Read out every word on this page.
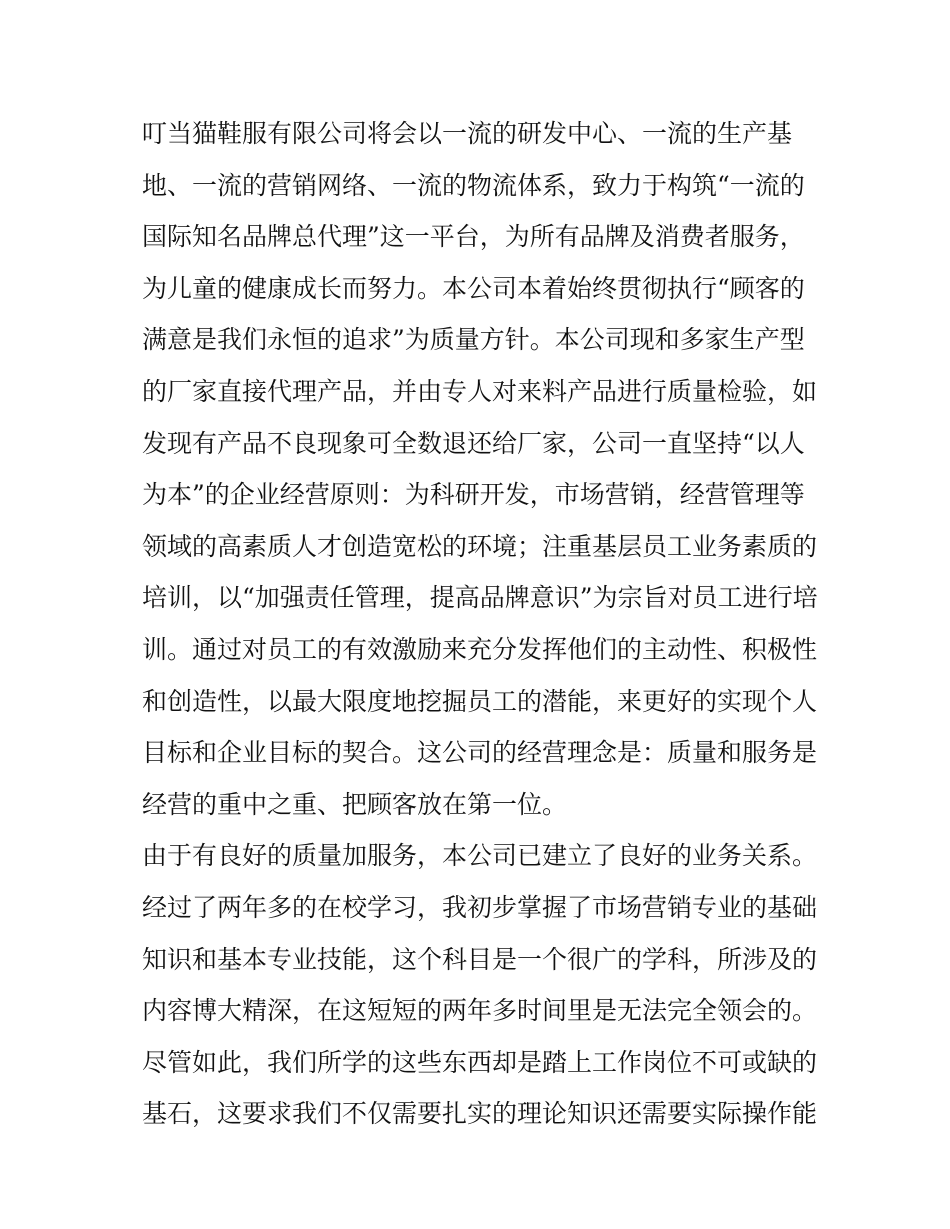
叮当猫鞋服有限公司将会以一流的研发中心、一流的生产基
地、一流的营销网络、一流的物流体系，致力于构筑“一流的
国际知名品牌总代理”这一平台，为所有品牌及消费者服务，
为儿童的健康成长而努力。本公司本着始终贯彻执行“顾客的
满意是我们永恒的追求”为质量方针。本公司现和多家生产型
的厂家直接代理产品，并由专人对来料产品进行质量检验，如
发现有产品不良现象可全数退还给厂家，公司一直坚持“以人
为本”的企业经营原则：为科研开发，市场营销，经营管理等
领域的高素质人才创造宽松的环境；注重基层员工业务素质的
培训，以“加强责任管理，提高品牌意识”为宗旨对员工进行培
训。通过对员工的有效激励来充分发挥他们的主动性、积极性
和创造性，以最大限度地挖掘员工的潜能，来更好的实现个人
目标和企业目标的契合。这公司的经营理念是：质量和服务是
经营的重中之重、把顾客放在第一位。
由于有良好的质量加服务，本公司已建立了良好的业务关系。
经过了两年多的在校学习，我初步掌握了市场营销专业的基础
知识和基本专业技能，这个科目是一个很广的学科，所涉及的
内容博大精深，在这短短的两年多时间里是无法完全领会的。
尽管如此，我们所学的这些东西却是踏上工作岗位不可或缺的
基石，这要求我们不仅需要扎实的理论知识还需要实际操作能
